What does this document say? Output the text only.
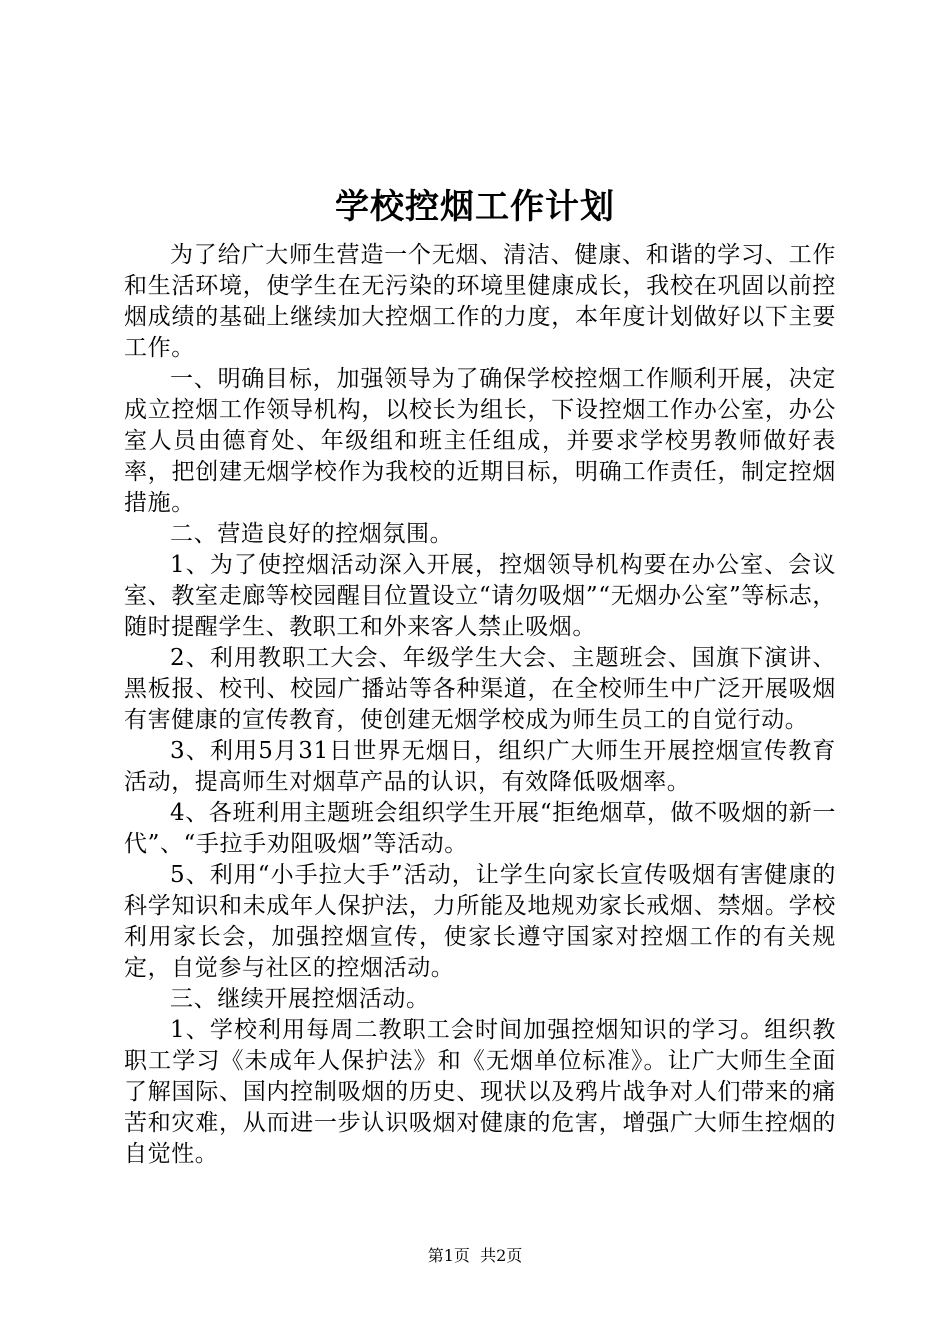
学校控烟工作计划

为了给广大师生营造一个无烟、清洁、健康、和谐的学习、工作和生活环境，使学生在无污染的环境里健康成长，我校在巩固以前控烟成绩的基础上继续加大控烟工作的力度，本年度计划做好以下主要工作。

一、明确目标，加强领导为了确保学校控烟工作顺利开展，决定成立控烟工作领导机构，以校长为组长，下设控烟工作办公室，办公室人员由德育处、年级组和班主任组成，并要求学校男教师做好表率，把创建无烟学校作为我校的近期目标，明确工作责任，制定控烟措施。

二、营造良好的控烟氛围。

1、为了使控烟活动深入开展，控烟领导机构要在办公室、会议室、教室走廊等校园醒目位置设立“请勿吸烟”“无烟办公室”等标志，随时提醒学生、教职工和外来客人禁止吸烟。

2、利用教职工大会、年级学生大会、主题班会、国旗下演讲、黑板报、校刊、校园广播站等各种渠道，在全校师生中广泛开展吸烟有害健康的宣传教育，使创建无烟学校成为师生员工的自觉行动。

3、利用5月31日世界无烟日，组织广大师生开展控烟宣传教育活动，提高师生对烟草产品的认识，有效降低吸烟率。

4、各班利用主题班会组织学生开展“拒绝烟草，做不吸烟的新一代”、“手拉手劝阻吸烟”等活动。

5、利用“小手拉大手”活动，让学生向家长宣传吸烟有害健康的科学知识和未成年人保护法，力所能及地规劝家长戒烟、禁烟。学校利用家长会，加强控烟宣传，使家长遵守国家对控烟工作的有关规定，自觉参与社区的控烟活动。

三、继续开展控烟活动。

1、学校利用每周二教职工会时间加强控烟知识的学习。组织教职工学习《未成年人保护法》和《无烟单位标准》。让广大师生全面了解国际、国内控制吸烟的历史、现状以及鸦片战争对人们带来的痛苦和灾难，从而进一步认识吸烟对健康的危害，增强广大师生控烟的自觉性。

第1页  共2页
